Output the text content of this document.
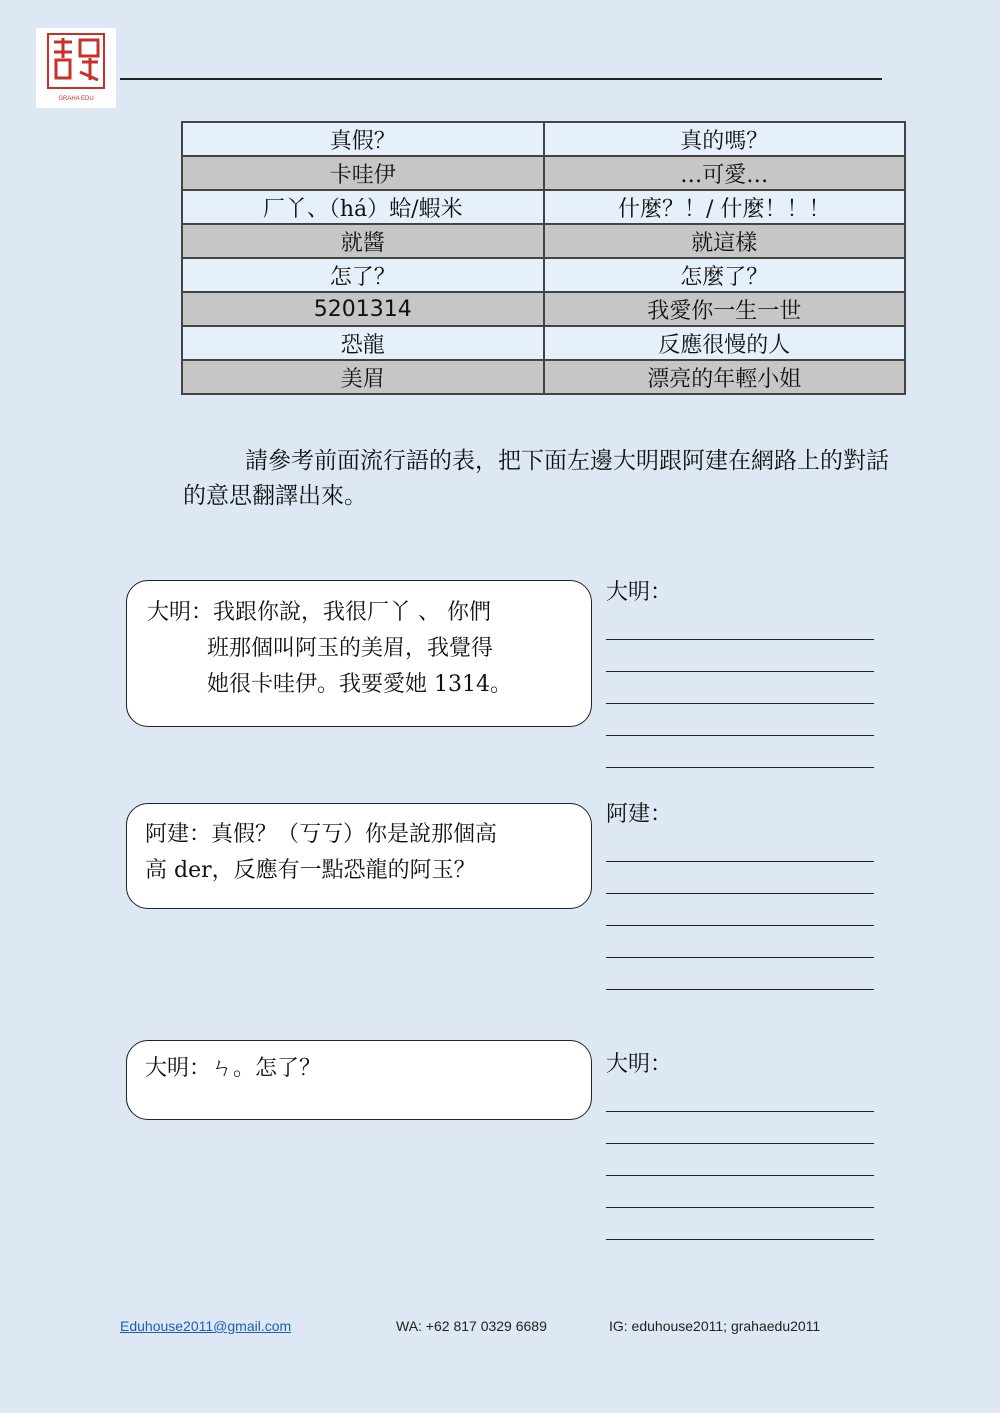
GRAHA EDU
真假？	真的嗎？
卡哇伊	…可愛…
厂丫、（há）蛤/蝦米	什麼？！/ 什麼！！！
就醬	就這樣
怎了？	怎麼了？
5201314	我愛你一生一世
恐龍	反應很慢的人
美眉	漂亮的年輕小姐
請參考前面流行語的表，把下面左邊大明跟阿建在網路上的對話的意思翻譯出來。
大明：我跟你說，我很厂丫 、 你們
班那個叫阿玉的美眉，我覺得
她很卡哇伊。我要愛她 1314。
阿建：真假？（丂丂）你是說那個高
高 der，反應有一點恐龍的阿玉？
大明：ㄣ。怎了？
大明：
阿建：
大明：
Eduhouse2011@gmail.com	WA: +62 817 0329 6689	IG: eduhouse2011; grahaedu2011
